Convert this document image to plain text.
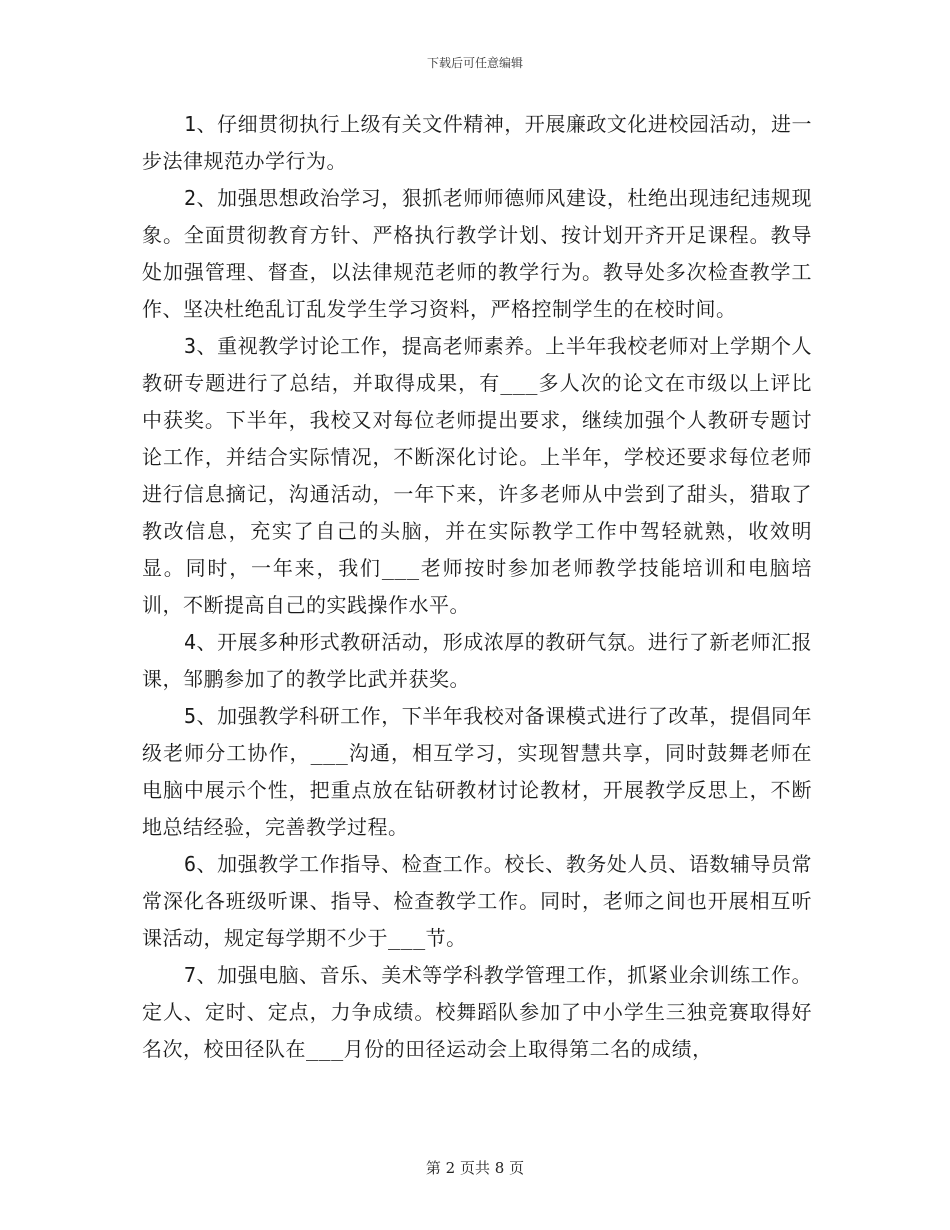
下载后可任意编辑

1、仔细贯彻执行上级有关文件精神，开展廉政文化进校园活动，进一步法律规范办学行为。

2、加强思想政治学习，狠抓老师师德师风建设，杜绝出现违纪违规现象。全面贯彻教育方针、严格执行教学计划、按计划开齐开足课程。教导处加强管理、督查，以法律规范老师的教学行为。教导处多次检查教学工作、坚决杜绝乱订乱发学生学习资料，严格控制学生的在校时间。

3、重视教学讨论工作，提高老师素养。上半年我校老师对上学期个人教研专题进行了总结，并取得成果，有___多人次的论文在市级以上评比中获奖。下半年，我校又对每位老师提出要求，继续加强个人教研专题讨论工作，并结合实际情况，不断深化讨论。上半年，学校还要求每位老师进行信息摘记，沟通活动，一年下来，许多老师从中尝到了甜头，猎取了教改信息，充实了自己的头脑，并在实际教学工作中驾轻就熟，收效明显。同时，一年来，我们___老师按时参加老师教学技能培训和电脑培训，不断提高自己的实践操作水平。

4、开展多种形式教研活动，形成浓厚的教研气氛。进行了新老师汇报课，邹鹏参加了的教学比武并获奖。

5、加强教学科研工作，下半年我校对备课模式进行了改革，提倡同年级老师分工协作，___沟通，相互学习，实现智慧共享，同时鼓舞老师在电脑中展示个性，把重点放在钻研教材讨论教材，开展教学反思上，不断地总结经验，完善教学过程。

6、加强教学工作指导、检查工作。校长、教务处人员、语数辅导员常常深化各班级听课、指导、检查教学工作。同时，老师之间也开展相互听课活动，规定每学期不少于___节。

7、加强电脑、音乐、美术等学科教学管理工作，抓紧业余训练工作。定人、定时、定点，力争成绩。校舞蹈队参加了中小学生三独竞赛取得好名次，校田径队在___月份的田径运动会上取得第二名的成绩，

第 2 页共 8 页
